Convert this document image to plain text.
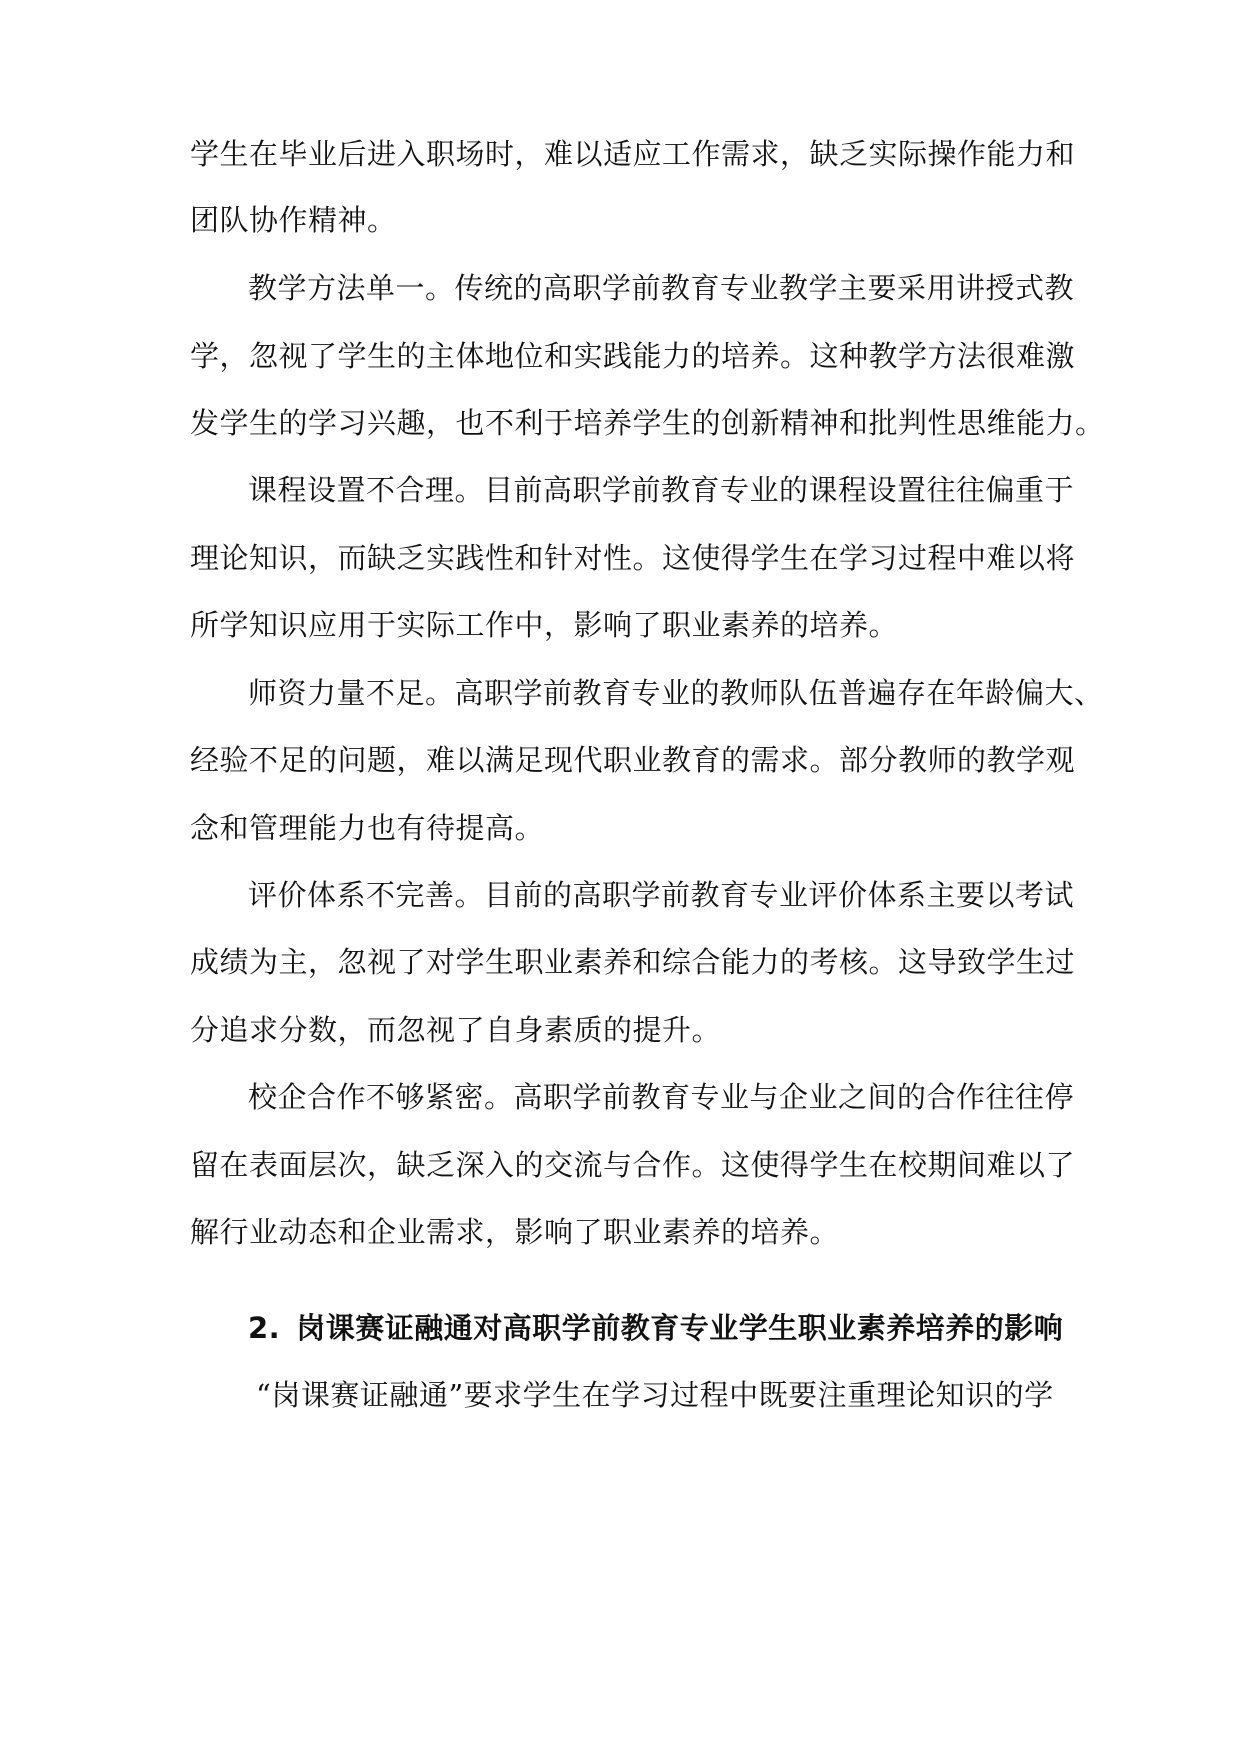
学生在毕业后进入职场时，难以适应工作需求，缺乏实际操作能力和
团队协作精神。
教学方法单一。传统的高职学前教育专业教学主要采用讲授式教
学，忽视了学生的主体地位和实践能力的培养。这种教学方法很难激
发学生的学习兴趣，也不利于培养学生的创新精神和批判性思维能力。
课程设置不合理。目前高职学前教育专业的课程设置往往偏重于
理论知识，而缺乏实践性和针对性。这使得学生在学习过程中难以将
所学知识应用于实际工作中，影响了职业素养的培养。
师资力量不足。高职学前教育专业的教师队伍普遍存在年龄偏大、
经验不足的问题，难以满足现代职业教育的需求。部分教师的教学观
念和管理能力也有待提高。
评价体系不完善。目前的高职学前教育专业评价体系主要以考试
成绩为主，忽视了对学生职业素养和综合能力的考核。这导致学生过
分追求分数，而忽视了自身素质的提升。
校企合作不够紧密。高职学前教育专业与企业之间的合作往往停
留在表面层次，缺乏深入的交流与合作。这使得学生在校期间难以了
解行业动态和企业需求，影响了职业素养的培养。
2. 岗课赛证融通对高职学前教育专业学生职业素养培养的影响
“岗课赛证融通”要求学生在学习过程中既要注重理论知识的学
